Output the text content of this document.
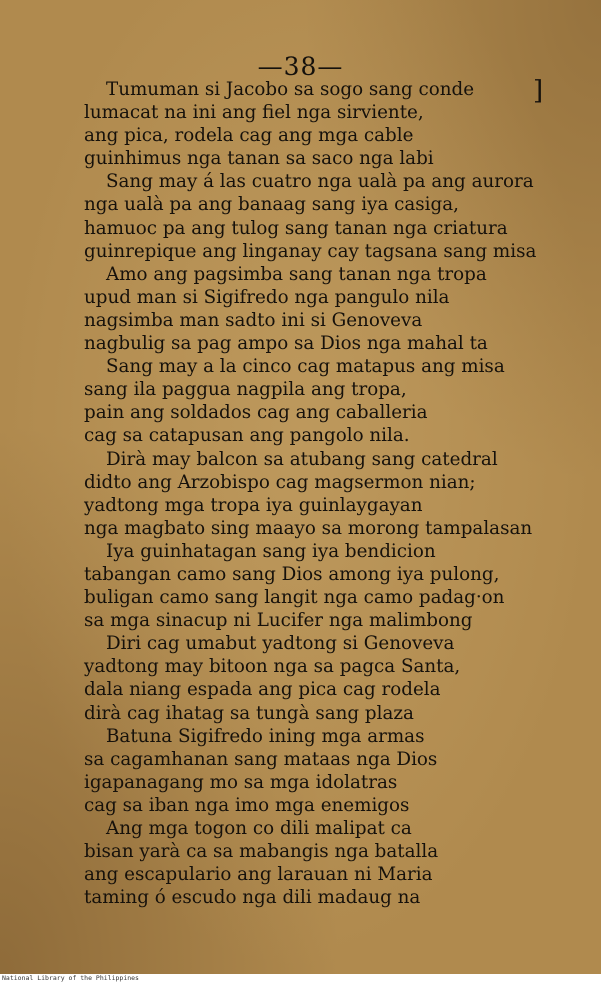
—38—
]
Tumuman si Jacobo sa sogo sang conde
lumacat na ini ang fiel nga sirviente,
ang pica, rodela cag ang mga cable
guinhimus nga tanan sa saco nga labi
Sang may á las cuatro nga ualà pa ang aurora
nga ualà pa ang banaag sang iya casiga,
hamuoc pa ang tulog sang tanan nga criatura
guinrepique ang linganay cay tagsana sang misa
Amo ang pagsimba sang tanan nga tropa
upud man si Sigifredo nga pangulo nila
nagsimba man sadto ini si Genoveva
nagbulig sa pag ampo sa Dios nga mahal ta
Sang may a la cinco cag matapus ang misa
sang ila paggua nagpila ang tropa,
pain ang soldados cag ang caballeria
cag sa catapusan ang pangolo nila.
Dirà may balcon sa atubang sang catedral
didto ang Arzobispo cag magsermon nian;
yadtong mga tropa iya guinlaygayan
nga magbato sing maayo sa morong tampalasan
Iya guinhatagan sang iya bendicion
tabangan camo sang Dios among iya pulong,
buligan camo sang langit nga camo padag·on
sa mga sinacup ni Lucifer nga malimbong
Diri cag umabut yadtong si Genoveva
yadtong may bitoon nga sa pagca Santa,
dala niang espada ang pica cag rodela
dirà cag ihatag sa tungà sang plaza
Batuna Sigifredo ining mga armas
sa cagamhanan sang mataas nga Dios
igapanagang mo sa mga idolatras
cag sa iban nga imo mga enemigos
Ang mga togon co dili malipat ca
bisan yarà ca sa mabangis nga batalla
ang escapulario ang larauan ni Maria
taming ó escudo nga dili madaug na
National Library of the Philippines
